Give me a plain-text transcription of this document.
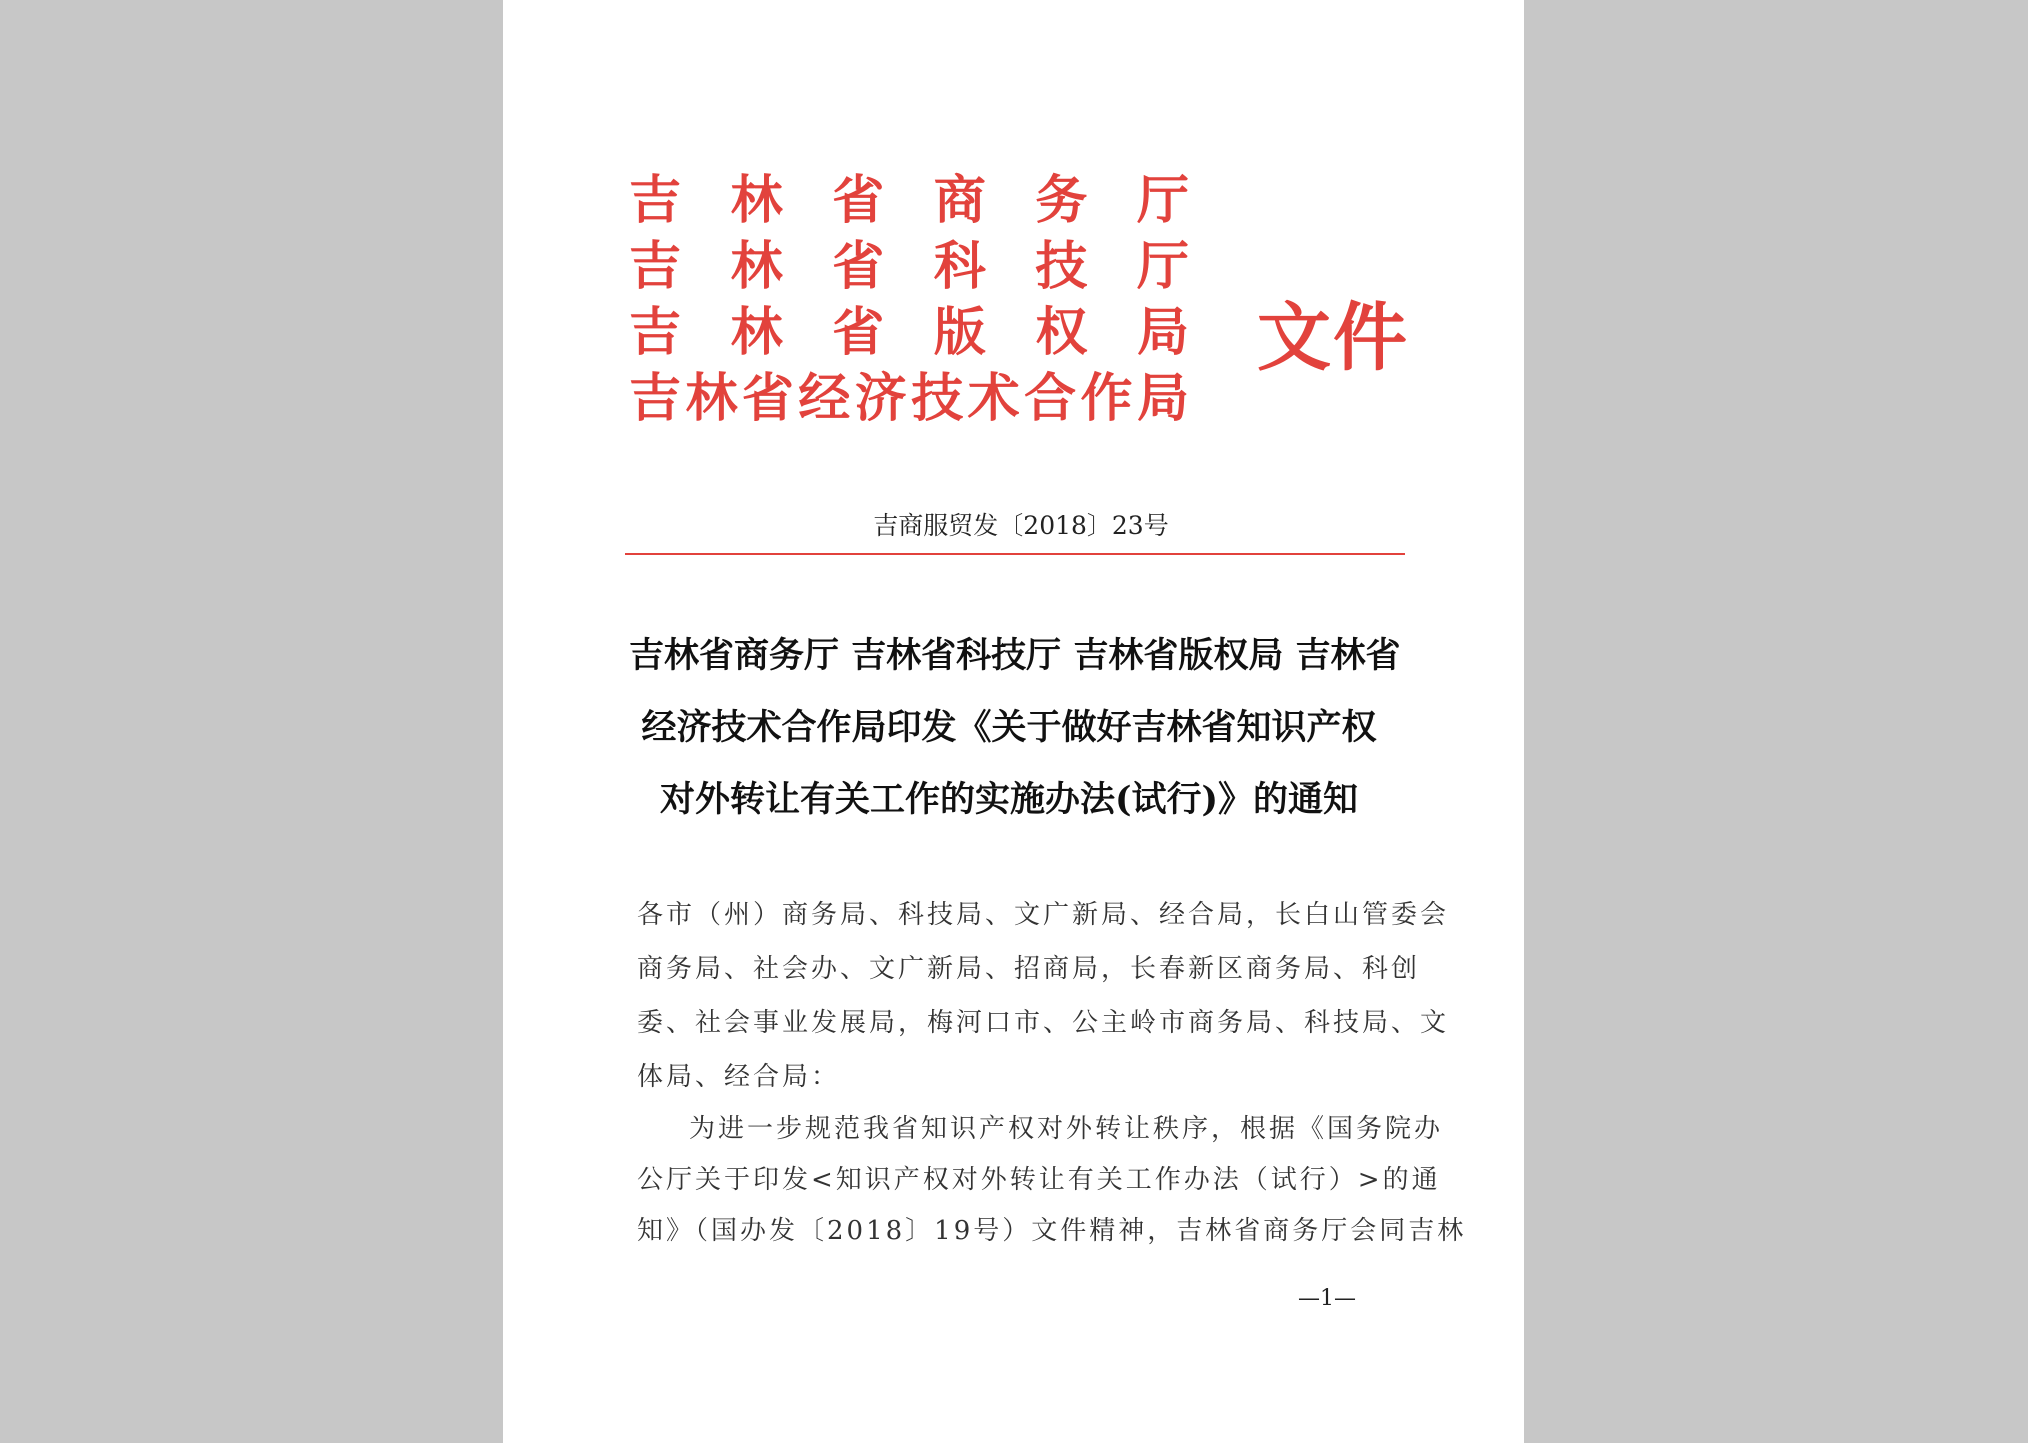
吉 林 省 商 务 厅
吉 林 省 科 技 厅
吉 林 省 版 权 局
吉 林 省 经 济 技 术 合 作 局
文件
吉商服贸发〔2018〕23号
吉林省商务厅 吉林省科技厅 吉林省版权局 吉林省
经济技术合作局印发《关于做好吉林省知识产权
对外转让有关工作的实施办法(试行)》的通知
各市（州）商务局、科技局、文广新局、经合局，长白山管委会
商务局、社会办、文广新局、招商局，长春新区商务局、科创
委、社会事业发展局，梅河口市、公主岭市商务局、科技局、文
体局、经合局：
为进一步规范我省知识产权对外转让秩序，根据《国务院办
公厅关于印发<知识产权对外转让有关工作办法（试行）>的通
知》（国办发〔2018〕19号）文件精神，吉林省商务厅会同吉林
—1—
